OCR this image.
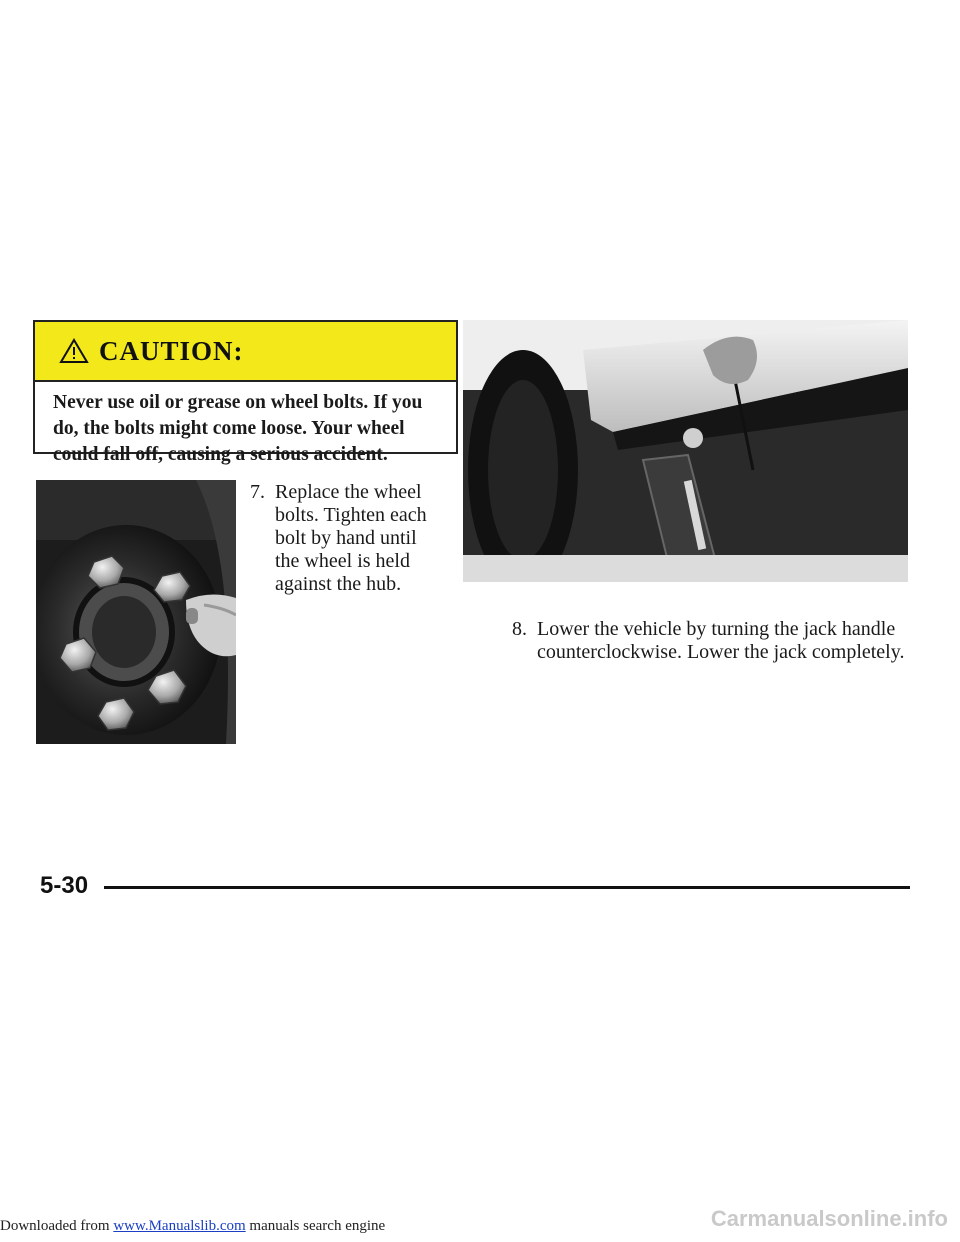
CAUTION:
Never use oil or grease on wheel bolts. If you do, the bolts might come loose. Your wheel could fall off, causing a serious accident.
7. Replace the wheel bolts. Tighten each bolt by hand until the wheel is held against the hub.
8. Lower the vehicle by turning the jack handle counterclockwise. Lower the jack completely.
5-30
Downloaded from www.Manualslib.com manuals search engine	Carmanualsonline.info
